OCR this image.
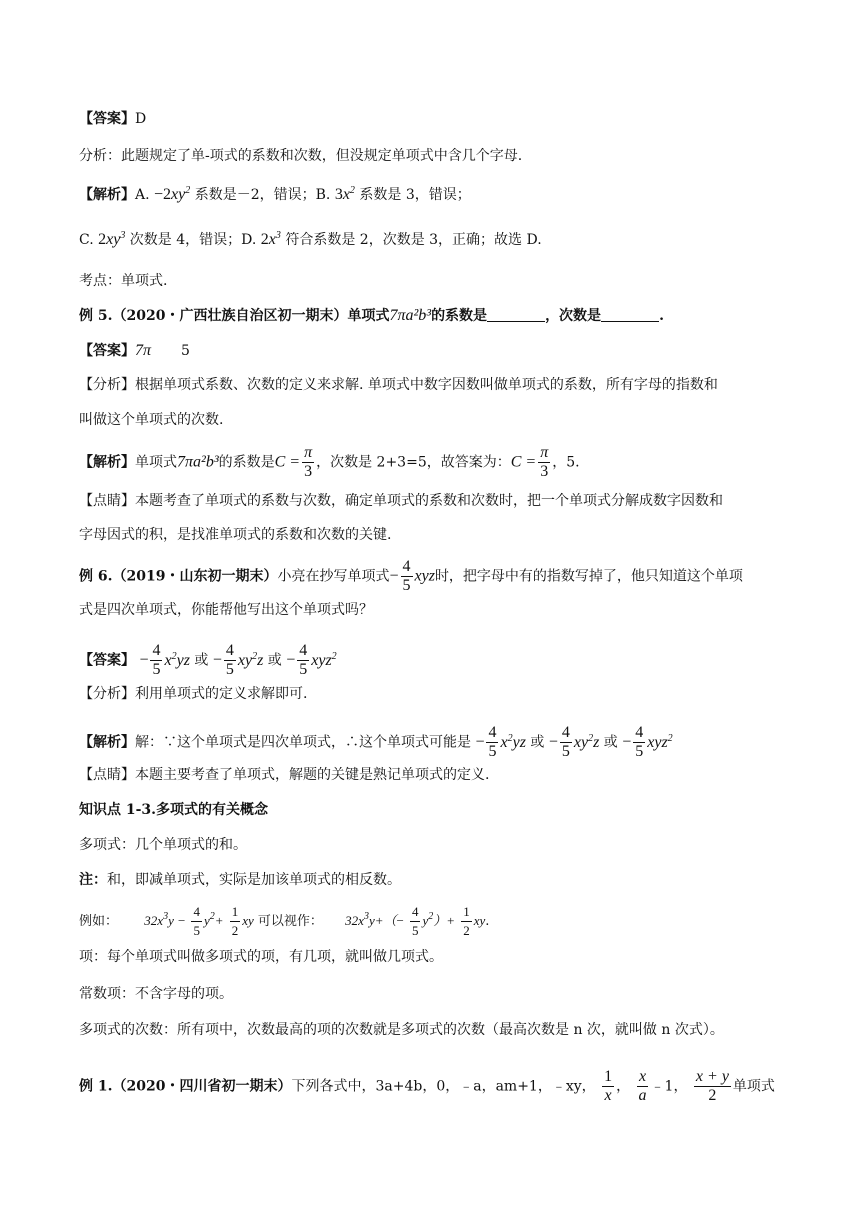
【答案】D
分析：此题规定了单-项式的系数和次数，但没规定单项式中含几个字母.
【解析】A. $-2xy^2$ 系数是－2，错误；B. $3x^2$ 系数是 3，错误；
C. $2xy^3$ 次数是 4，错误；D. $2x^3$ 符合系数是 2，次数是 3，正确；故选 D.
考点：单项式.
例 5.（2020・广西壮族自治区初一期末）单项式7πa²b³的系数是	，次数是	.
【答案】7π 5
【分析】根据单项式系数、次数的定义来求解. 单项式中数字因数叫做单项式的系数，所有字母的指数和
叫做这个单项式的次数.
【解析】单项式7πa²b³的系数是$C = \frac{\pi}{3}$ ，次数是 2+3=5，故答案为：$C = \frac{\pi}{3}$ ，5.
【点睛】本题考查了单项式的系数与次数，确定单项式的系数和次数时，把一个单项式分解成数字因数和
字母因式的积，是找准单项式的系数和次数的关键.
例 6.（2019・山东初一期末）小亮在抄写单项式− $\frac{4}{5}$ xyz时，把字母中有的指数写掉了，他只知道这个单项
式是四次单项式，你能帮他写出这个单项式吗？
【答案】 − $\frac{4}{5} x^2yz$ 或 − $\frac{4}{5} xy^2z$ 或 − $\frac{4}{5} xyz^2$
【分析】利用单项式的定义求解即可.
【解析】解：∵这个单项式是四次单项式，∴这个单项式可能是 − $\frac{4}{5} x^2yz$ 或 − $\frac{4}{5} xy^2z$ 或 − $\frac{4}{5} xyz^2$
【点睛】本题主要考查了单项式，解题的关键是熟记单项式的定义.
知识点 1-3.多项式的有关概念
多项式：几个单项式的和。
注：和，即减单项式，实际是加该单项式的相反数。
例如： $32x^3y - \frac{4}{5} y^2+ \frac{1}{2}$ xy 可以视作： $32x^3y+(- \frac{4}{5} y^2)+ \frac{1}{2}$ xy.
项：每个单项式叫做多项式的项，有几项，就叫做几项式。
常数项：不含字母的项。
多项式的次数：所有项中，次数最高的项的次数就是多项式的次数（最高次数是 n 次，就叫做 n 次式）。
例 1.（2020・四川省初一期末）下列各式中，3a+4b，0，﹣a，am+1，﹣xy， $\frac{1}{x}$ ， $\frac{x}{a}$ ﹣1， $\frac{x + y}{2}$ 单项式
